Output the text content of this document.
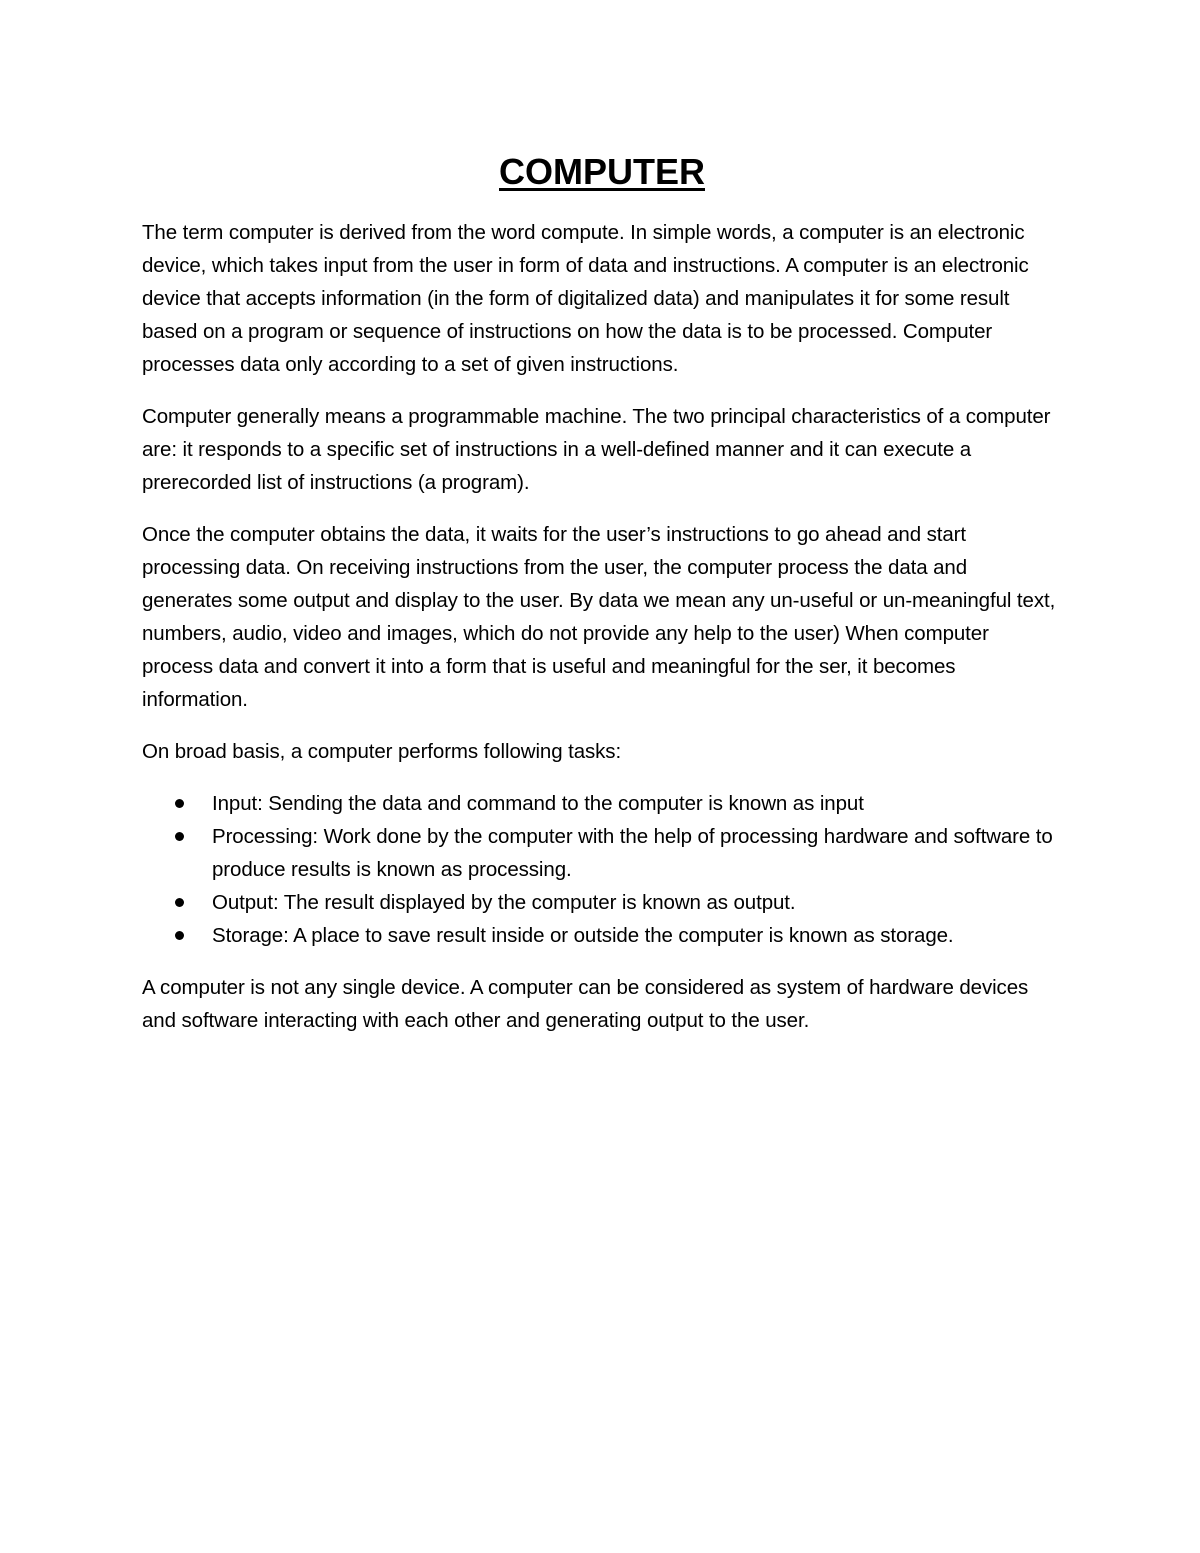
COMPUTER

The term computer is derived from the word compute. In simple words, a computer is an electronic device, which takes input from the user in form of data and instructions. A computer is an electronic device that accepts information (in the form of digitalized data) and manipulates it for some result based on a program or sequence of instructions on how the data is to be processed. Computer processes data only according to a set of given instructions.

Computer generally means a programmable machine. The two principal characteristics of a computer are: it responds to a specific set of instructions in a well-defined manner and it can execute a prerecorded list of instructions (a program).

Once the computer obtains the data, it waits for the user’s instructions to go ahead and start processing data. On receiving instructions from the user, the computer process the data and generates some output and display to the user. By data we mean any un-useful or un-meaningful text, numbers, audio, video and images, which do not provide any help to the user) When computer process data and convert it into a form that is useful and meaningful for the ser, it becomes information.

On broad basis, a computer performs following tasks:

Input: Sending the data and command to the computer is known as input
Processing: Work done by the computer with the help of processing hardware and software to produce results is known as processing.
Output: The result displayed by the computer is known as output.
Storage: A place to save result inside or outside the computer is known as storage.

A computer is not any single device. A computer can be considered as system of hardware devices and software interacting with each other and generating output to the user.
